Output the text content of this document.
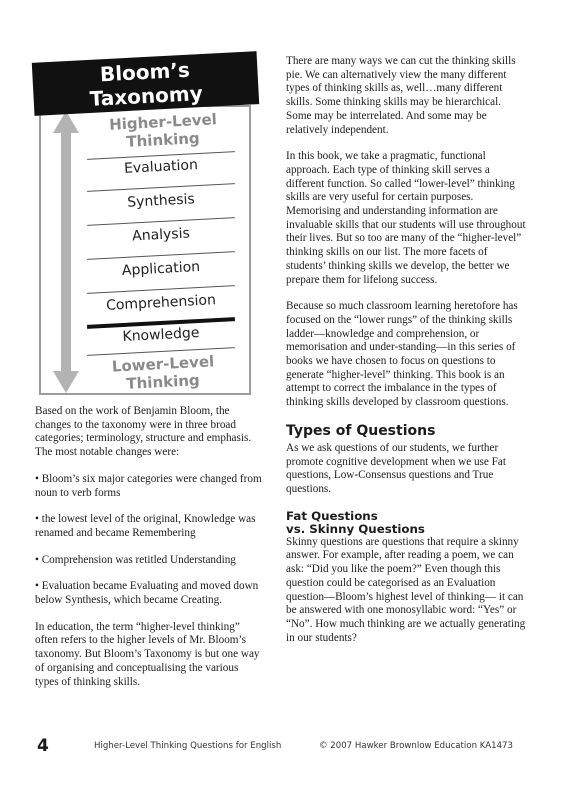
Higher-Level
Thinking
Evaluation
Synthesis
Analysis
Application
Comprehension
Knowledge
Lower-Level
Thinking
Bloom’s
Taxonomy

Based on the work of Benjamin Bloom, the changes to the taxonomy were in three broad categories; terminology, structure and emphasis. The most notable changes were:

• Bloom’s six major categories were changed from noun to verb forms

• the lowest level of the original, Knowledge was renamed and became Remembering

• Comprehension was retitled Understanding

• Evaluation became Evaluating and moved down below Synthesis, which became Creating.

In education, the term “higher-level thinking” often refers to the higher levels of Mr. Bloom’s taxonomy. But Bloom’s Taxonomy is but one way of organising and conceptualising the various types of thinking skills.

There are many ways we can cut the thinking skills pie. We can alternatively view the many different types of thinking skills as, well…many different skills. Some thinking skills may be hierarchical. Some may be interrelated. And some may be relatively independent.

In this book, we take a pragmatic, functional approach. Each type of thinking skill serves a different function. So called “lower-level” thinking skills are very useful for certain purposes. Memorising and understanding information are invaluable skills that our students will use throughout their lives. But so too are many of the “higher-level” thinking skills on our list. The more facets of students’ thinking skills we develop, the better we prepare them for lifelong success.

Because so much classroom learning heretofore has focused on the “lower rungs” of the thinking skills ladder—knowledge and comprehension, or memorisation and under-standing—in this series of books we have chosen to focus on questions to generate “higher-level” thinking. This book is an attempt to correct the imbalance in the types of thinking skills developed by classroom questions.

Types of Questions

As we ask questions of our students, we further promote cognitive development when we use Fat questions, Low-Consensus questions and True questions.

Fat Questions
vs. Skinny Questions

Skinny questions are questions that require a skinny answer. For example, after reading a poem, we can ask: “Did you like the poem?” Even though this question could be categorised as an Evaluation question—Bloom’s highest level of thinking— it can be answered with one monosyllabic word: “Yes” or “No”. How much thinking are we actually generating in our students?

4	Higher-Level Thinking Questions for English	© 2007 Hawker Brownlow Education KA1473
